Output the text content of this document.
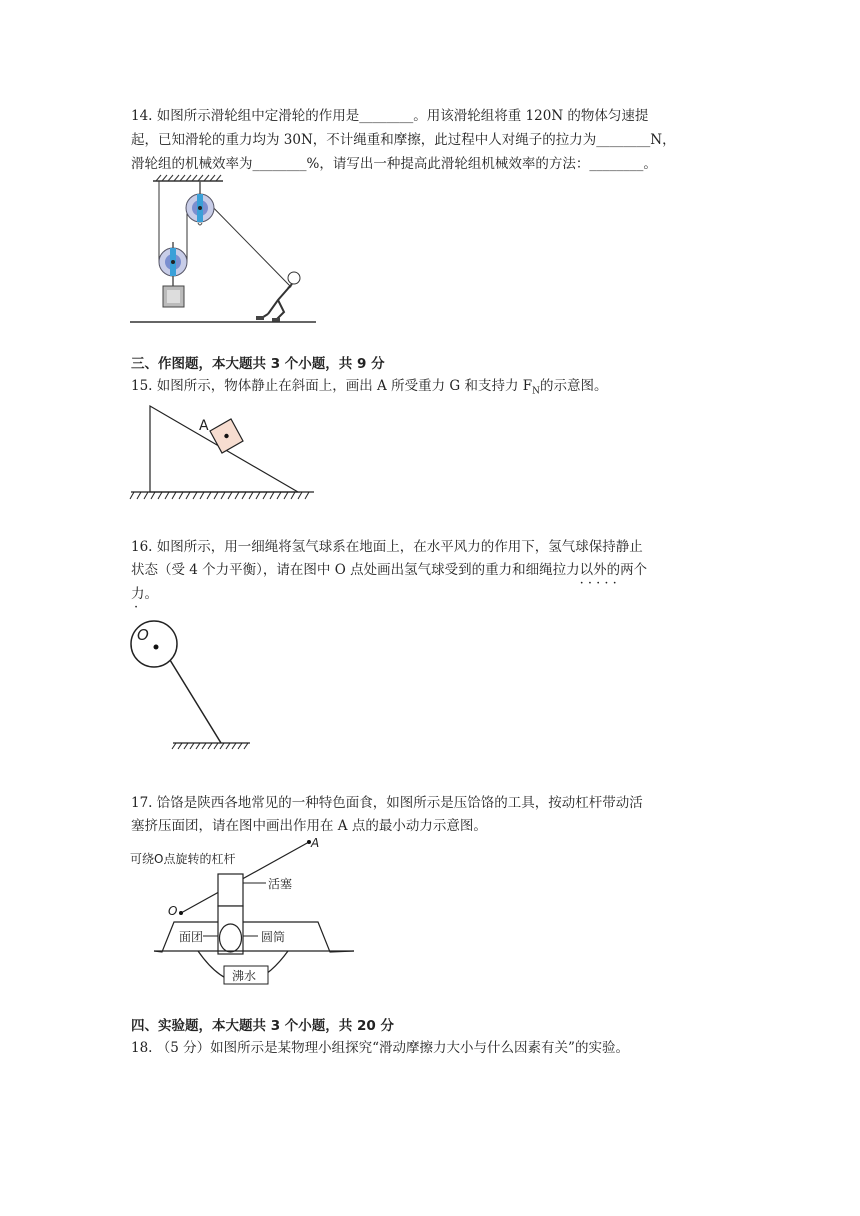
14. 如图所示滑轮组中定滑轮的作用是________。用该滑轮组将重 120N 的物体匀速提
起，已知滑轮的重力均为 30N，不计绳重和摩擦，此过程中人对绳子的拉力为________N，
滑轮组的机械效率为________%，请写出一种提高此滑轮组机械效率的方法：________。
三、作图题，本大题共 3 个小题，共 9 分
15. 如图所示，物体静止在斜面上，画出 A 所受重力 G 和支持力 $F_N$的示意图。
A
16. 如图所示，用一细绳将氢气球系在地面上，在水平风力的作用下，氢气球保持静止
状态（受 4 个力平衡），请在图中 O 点处画出氢气球受到的重力和细绳拉力以外的两个 · · ·
力。 ·
O
17. 饸饹是陕西各地常见的一种特色面食，如图所示是压饸饹的工具，按动杠杆带动活
塞挤压面团，请在图中画出作用在 A 点的最小动力示意图。
可绕O点旋转的杠杆
A
O
活塞
圆筒
面团
沸水
四、实验题，本大题共 3 个小题，共 20 分
18. （5 分）如图所示是某物理小组探究“滑动摩擦力大小与什么因素有关”的实验。
